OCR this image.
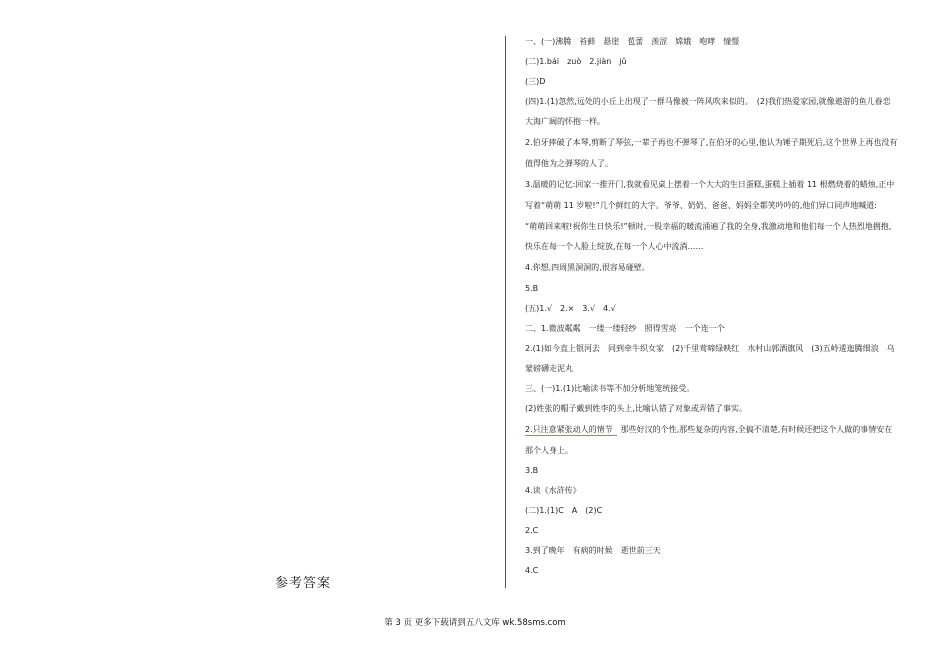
参考答案
一、(一)沸腾　苔藓　悬崖　苞蕾　羡涩　嫦娥　咆哮　憧憬
(二)1.bái　zuò　2.jiàn　jǔ
(三)D
(四)1.(1)忽然,远处的小丘上出现了一群马像被一阵风吹来似的。　(2)我们热爱家园,就像遨游的鱼儿眷恋
大海广阔的怀抱一样。
2.伯牙摔破了本琴,剪断了琴弦,一辈子再也不弹琴了,在伯牙的心里,他认为锤子期死后,这个世界上再也没有
值得他为之弹琴的人了。
3.温暖的记忆:回家一推开门,我就看见桌上摆着一个大大的生日蛋糕,蛋糕上插着 11 根燃烧着的蜡烛,正中
写着“萌萌 11 岁啦!”几个鲜红的大字。爷爷、奶奶、爸爸、妈妈全都笑吟吟的,他们异口同声地喊道:
“萌萌回来啦!祝你生日快乐!”顿时,一股幸福的暖流涌遍了我的全身,我激动地和他们每一个人热烈地拥抱,
快乐在每一个人脸上绽放,在每一个人心中流淌……
4.你想,四周黑洞洞的,很容易碰壁。
5.B
(五)1.√　2.×　3.√　4.√
二、1.微波粼粼　一缕一缕轻纱　照得雪亮　一个连一个
2.(1)如今直上银河去　同到牵牛织女家　(2)千里莺啼绿映红　水村山郭酒旗风　(3)五岭逶迤腾细浪　乌
蒙磅礴走泥丸
三、(一)1.(1)比喻读书等不加分析地笼统接受。
(2)姓张的帽子戴到姓李的头上,比喻认错了对象或弄错了事实。
2.只注意紧张动人的情节　那些好汉的个性,那些复杂的内容,全搞不清楚,有时候还把这个人做的事情安在
那个人身上。
3.B
4.读《水浒传》
(二)1.(1)C　A　(2)C
2.C
3.到了晚年　有病的时候　逝世前三天
4.C
第 3 页 更多下载请到五八文库 wk.58sms.com
